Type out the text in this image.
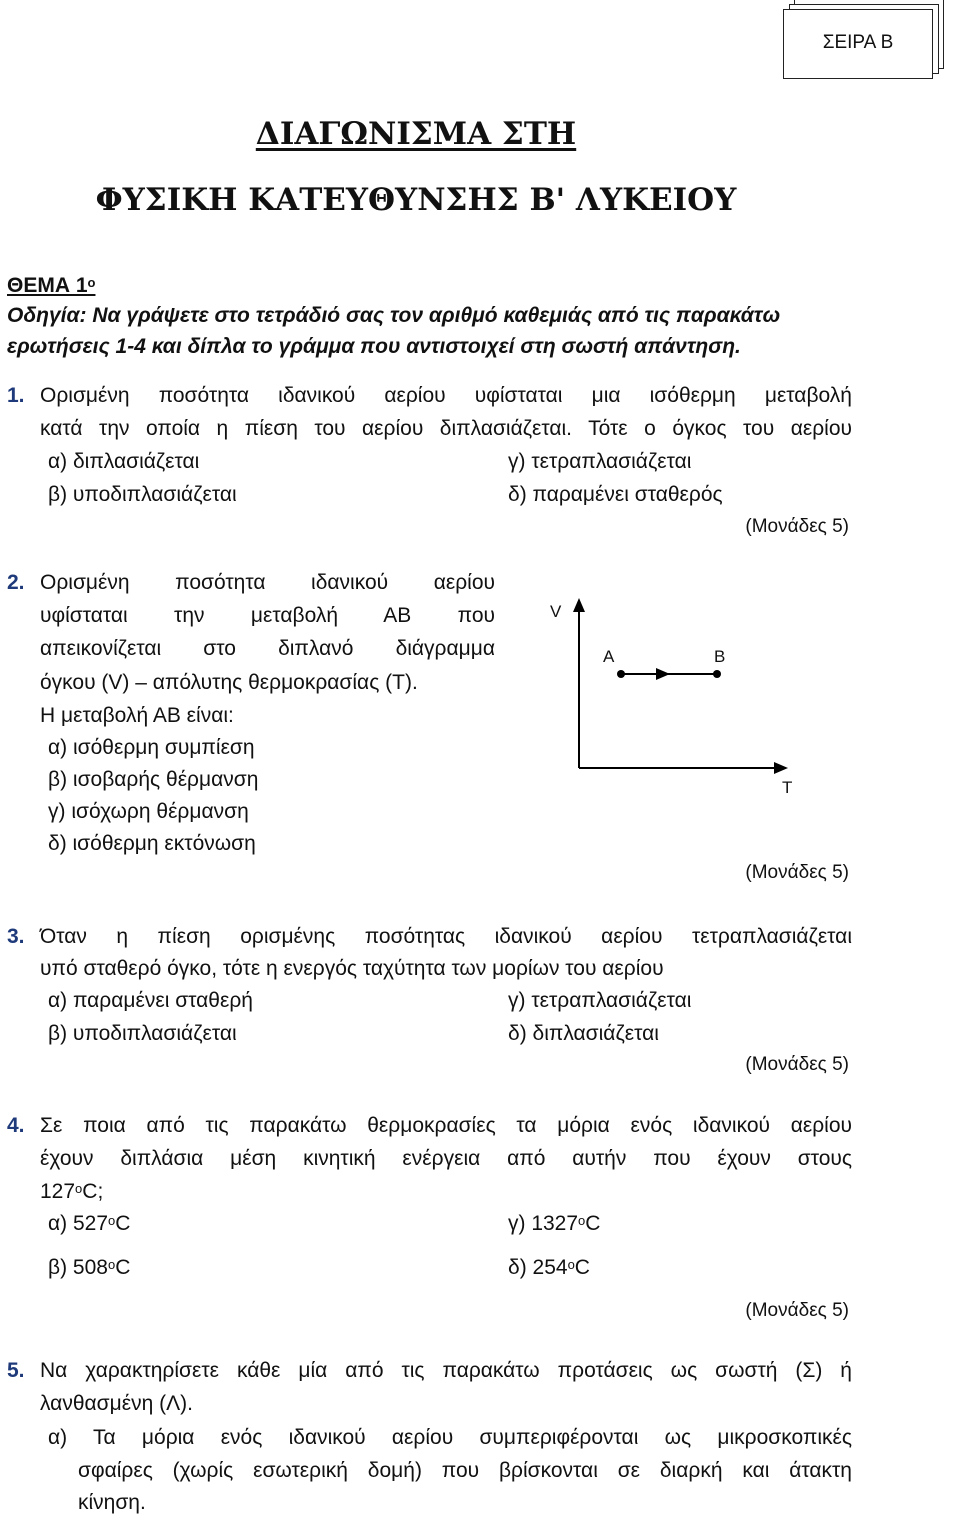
ΣΕΙΡΑ Β
ΔΙΑΓΩΝΙΣΜΑ ΣΤΗ
ΦΥΣΙΚΗ ΚΑΤΕΥΘΥΝΣΗΣ Β' ΛΥΚΕΙΟΥ
ΘΕΜΑ $1^o$
Οδηγία: Να γράψετε στο τετράδιό σας τον αριθμό καθεμιάς από τις παρακάτω
ερωτήσεις 1-4 και δίπλα το γράμμα που αντιστοιχεί στη σωστή απάντηση.
1. Ορισμένη ποσότητα ιδανικού αερίου υφίσταται μια ισόθερμη μεταβολή
κατά την οποία η πίεση του αερίου διπλασιάζεται. Τότε ο όγκος του αερίου
α) διπλασιάζεται	γ) τετραπλασιάζεται
β) υποδιπλασιάζεται	δ) παραμένει σταθερός
(Μονάδες 5)
2. Ορισμένη ποσότητα ιδανικού αερίου
υφίσταται την μεταβολή ΑΒ που
απεικονίζεται στο διπλανό διάγραμμα
όγκου (V) – απόλυτης θερμοκρασίας (Τ).
Η μεταβολή ΑΒ είναι:
α) ισόθερμη συμπίεση
β) ισοβαρής θέρμανση
γ) ισόχωρη θέρμανση
δ) ισόθερμη εκτόνωση
V
T
A	B
(Μονάδες 5)
3. Όταν η πίεση ορισμένης ποσότητας ιδανικού αερίου τετραπλασιάζεται
υπό σταθερό όγκο, τότε η ενεργός ταχύτητα των μορίων του αερίου
α) παραμένει σταθερή	γ) τετραπλασιάζεται
β) υποδιπλασιάζεται	δ) διπλασιάζεται
(Μονάδες 5)
4. Σε ποια από τις παρακάτω θερμοκρασίες τα μόρια ενός ιδανικού αερίου
έχουν διπλάσια μέση κινητική ενέργεια από αυτήν που έχουν στους
$127^oC$;
α) $527^oC$	γ) $1327^oC$
β) $508^oC$	δ) $254^oC$
(Μονάδες 5)
5. Να χαρακτηρίσετε κάθε μία από τις παρακάτω προτάσεις ως σωστή (Σ) ή
λανθασμένη (Λ).
α) Τα μόρια ενός ιδανικού αερίου συμπεριφέρονται ως μικροσκοπικές
σφαίρες (χωρίς εσωτερική δομή) που βρίσκονται σε διαρκή και άτακτη
κίνηση.
